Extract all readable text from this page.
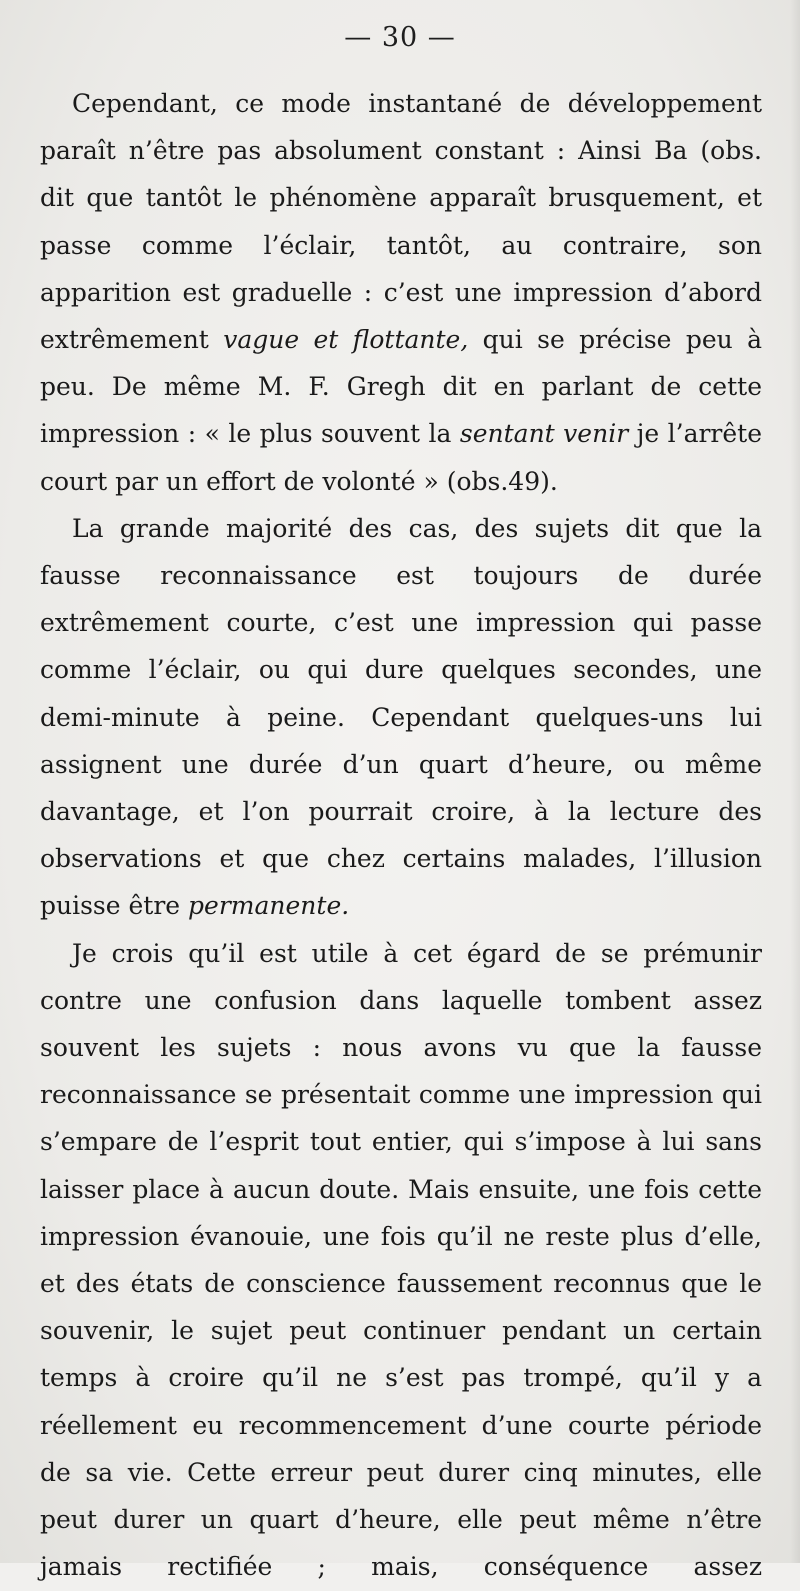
— 30 —

Cependant, ce mode instantané de développement paraît n’être pas absolument constant : Ainsi Ba (obs. dit que tantôt le phénomène apparaît brusquement, et passe comme l’éclair, tantôt, au contraire, son apparition est graduelle : c’est une impression d’abord extrêmement vague et flottante, qui se précise peu à peu. De même M. F. Gregh dit en parlant de cette impression : « le plus souvent la sentant venir je l’arrête court par un effort de volonté » (obs.49).

La grande majorité des cas, des sujets dit que la fausse reconnaissance est toujours de durée extrêmement courte, c’est une impression qui passe comme l’éclair, ou qui dure quelques secondes, une demi-minute à peine. Cependant quelques-uns lui assignent une durée d’un quart d’heure, ou même davantage, et l’on pourrait croire, à la lecture des observations et que chez certains malades, l’illusion puisse être permanente.

Je crois qu’il est utile à cet égard de se prémunir contre une confusion dans laquelle tombent assez souvent les sujets : nous avons vu que la fausse reconnaissance se présentait comme une impression qui s’empare de l’esprit tout entier, qui s’impose à lui sans laisser place à aucun doute. Mais ensuite, une fois cette impression évanouie, une fois qu’il ne reste plus d’elle, et des états de conscience faussement reconnus que le souvenir, le sujet peut continuer pendant un certain temps à croire qu’il ne s’est pas trompé, qu’il y a réellement eu recommencement d’une courte période de sa vie. Cette erreur peut durer cinq minutes, elle peut durer un quart d’heure, elle peut même n’être jamais rectifiée ; mais, conséquence assez
